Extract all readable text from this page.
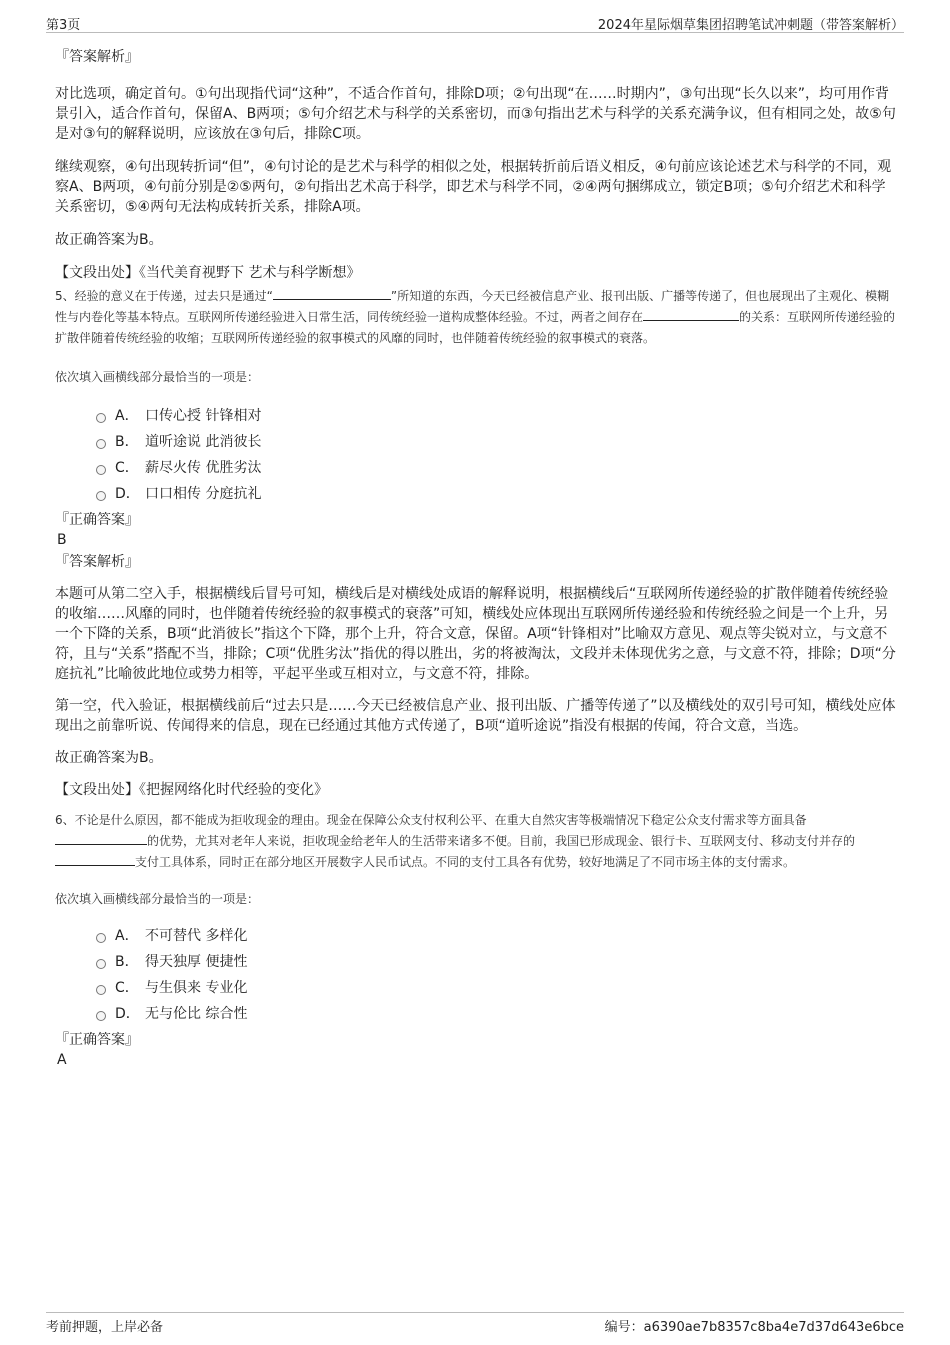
第3页	2024年星际烟草集团招聘笔试冲刺题（带答案解析）

『答案解析』

对比选项，确定首句。①句出现指代词“这种”，不适合作首句，排除D项；②句出现“在……时期内”，③句出现“长久以来”，均可用作背景引入，适合作首句，保留A、B两项；⑤句介绍艺术与科学的关系密切，而③句指出艺术与科学的关系充满争议，但有相同之处，故⑤句是对③句的解释说明，应该放在③句后，排除C项。

继续观察，④句出现转折词“但”，④句讨论的是艺术与科学的相似之处，根据转折前后语义相反，④句前应该论述艺术与科学的不同，观察A、B两项，④句前分别是②⑤两句，②句指出艺术高于科学，即艺术与科学不同，②④两句捆绑成立，锁定B项；⑤句介绍艺术和科学关系密切，⑤④两句无法构成转折关系，排除A项。

故正确答案为B。

【文段出处】《当代美育视野下 艺术与科学断想》

5、经验的意义在于传递，过去只是通过“	”所知道的东西，今天已经被信息产业、报刊出版、广播等传递了，但也展现出了主观化、模糊性与内卷化等基本特点。互联网所传递经验进入日常生活，同传统经验一道构成整体经验。不过，两者之间存在	的关系：互联网所传递经验的扩散伴随着传统经验的收缩；互联网所传递经验的叙事模式的风靡的同时，也伴随着传统经验的叙事模式的衰落。

依次填入画横线部分最恰当的一项是：

A． 口传心授 针锋相对
B． 道听途说 此消彼长
C． 薪尽火传 优胜劣汰
D． 口口相传 分庭抗礼

『正确答案』

B

『答案解析』

本题可从第二空入手，根据横线后冒号可知，横线后是对横线处成语的解释说明，根据横线后“互联网所传递经验的扩散伴随着传统经验的收缩……风靡的同时，也伴随着传统经验的叙事模式的衰落”可知，横线处应体现出互联网所传递经验和传统经验之间是一个上升，另一个下降的关系，B项“此消彼长”指这个下降，那个上升，符合文意，保留。A项“针锋相对”比喻双方意见、观点等尖锐对立，与文意不符，且与“关系”搭配不当，排除；C项“优胜劣汰”指优的得以胜出，劣的将被淘汰，文段并未体现优劣之意，与文意不符，排除；D项“分庭抗礼”比喻彼此地位或势力相等，平起平坐或互相对立，与文意不符，排除。

第一空，代入验证，根据横线前后“过去只是……今天已经被信息产业、报刊出版、广播等传递了”以及横线处的双引号可知，横线处应体现出之前靠听说、传闻得来的信息，现在已经通过其他方式传递了，B项“道听途说”指没有根据的传闻，符合文意，当选。

故正确答案为B。

【文段出处】《把握网络化时代经验的变化》

6、不论是什么原因，都不能成为拒收现金的理由。现金在保障公众支付权利公平、在重大自然灾害等极端情况下稳定公众支付需求等方面具备的优势，尤其对老年人来说，拒收现金给老年人的生活带来诸多不便。目前，我国已形成现金、银行卡、互联网支付、移动支付并存的支付工具体系，同时正在部分地区开展数字人民币试点。不同的支付工具各有优势，较好地满足了不同市场主体的支付需求。

依次填入画横线部分最恰当的一项是：

A． 不可替代 多样化
B． 得天独厚 便捷性
C． 与生俱来 专业化
D． 无与伦比 综合性

『正确答案』

A

考前押题，上岸必备	编号：a6390ae7b8357c8ba4e7d37d643e6bce
